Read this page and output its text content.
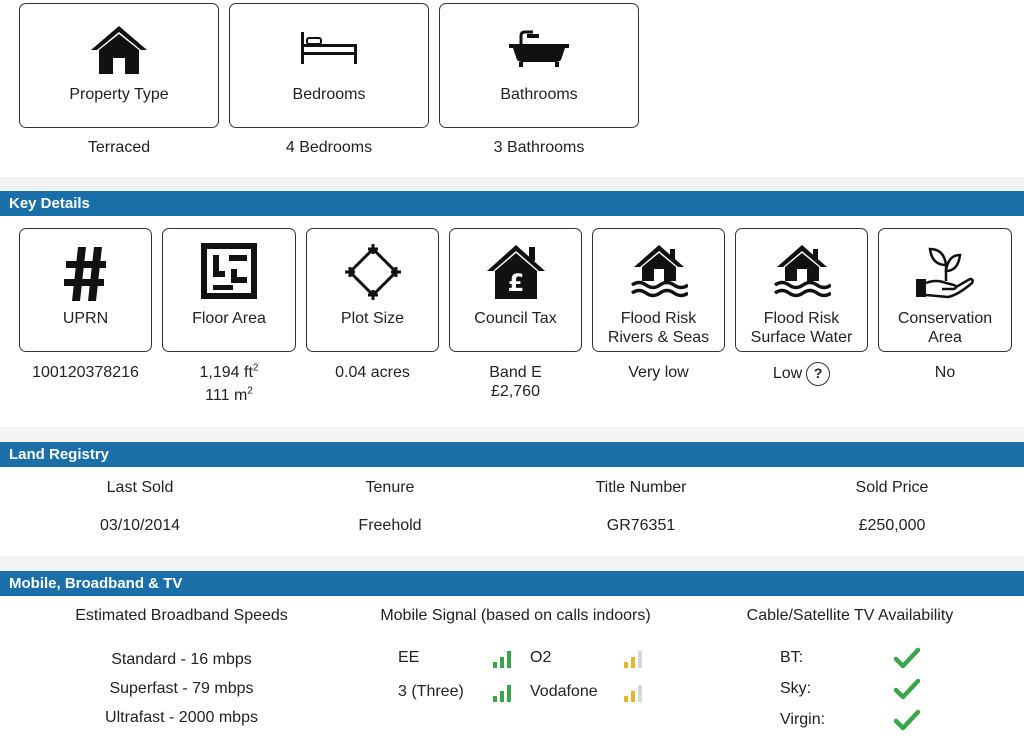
Property Type
Terraced
Bedrooms
4 Bedrooms
Bathrooms
3 Bathrooms
Key Details
UPRN
100120378216
Floor Area
1,194 $ft^2$
111 $m^2$
Plot Size
0.04 acres
£
Council Tax
Band E
£2,760
Flood Risk
Rivers & Seas
Very low
Flood Risk
Surface Water
Low ?
Conservation
Area
No
Land Registry
Last Sold	Tenure	Title Number	Sold Price
03/10/2014	Freehold	GR76351	£250,000
Mobile, Broadband & TV
Estimated Broadband Speeds
Standard - 16 mbps
Superfast - 79 mbps
Ultrafast - 2000 mbps
Mobile Signal (based on calls indoors)
EE	O2
3 (Three)	Vodafone
Cable/Satellite TV Availability
BT:
Sky:
Virgin:
